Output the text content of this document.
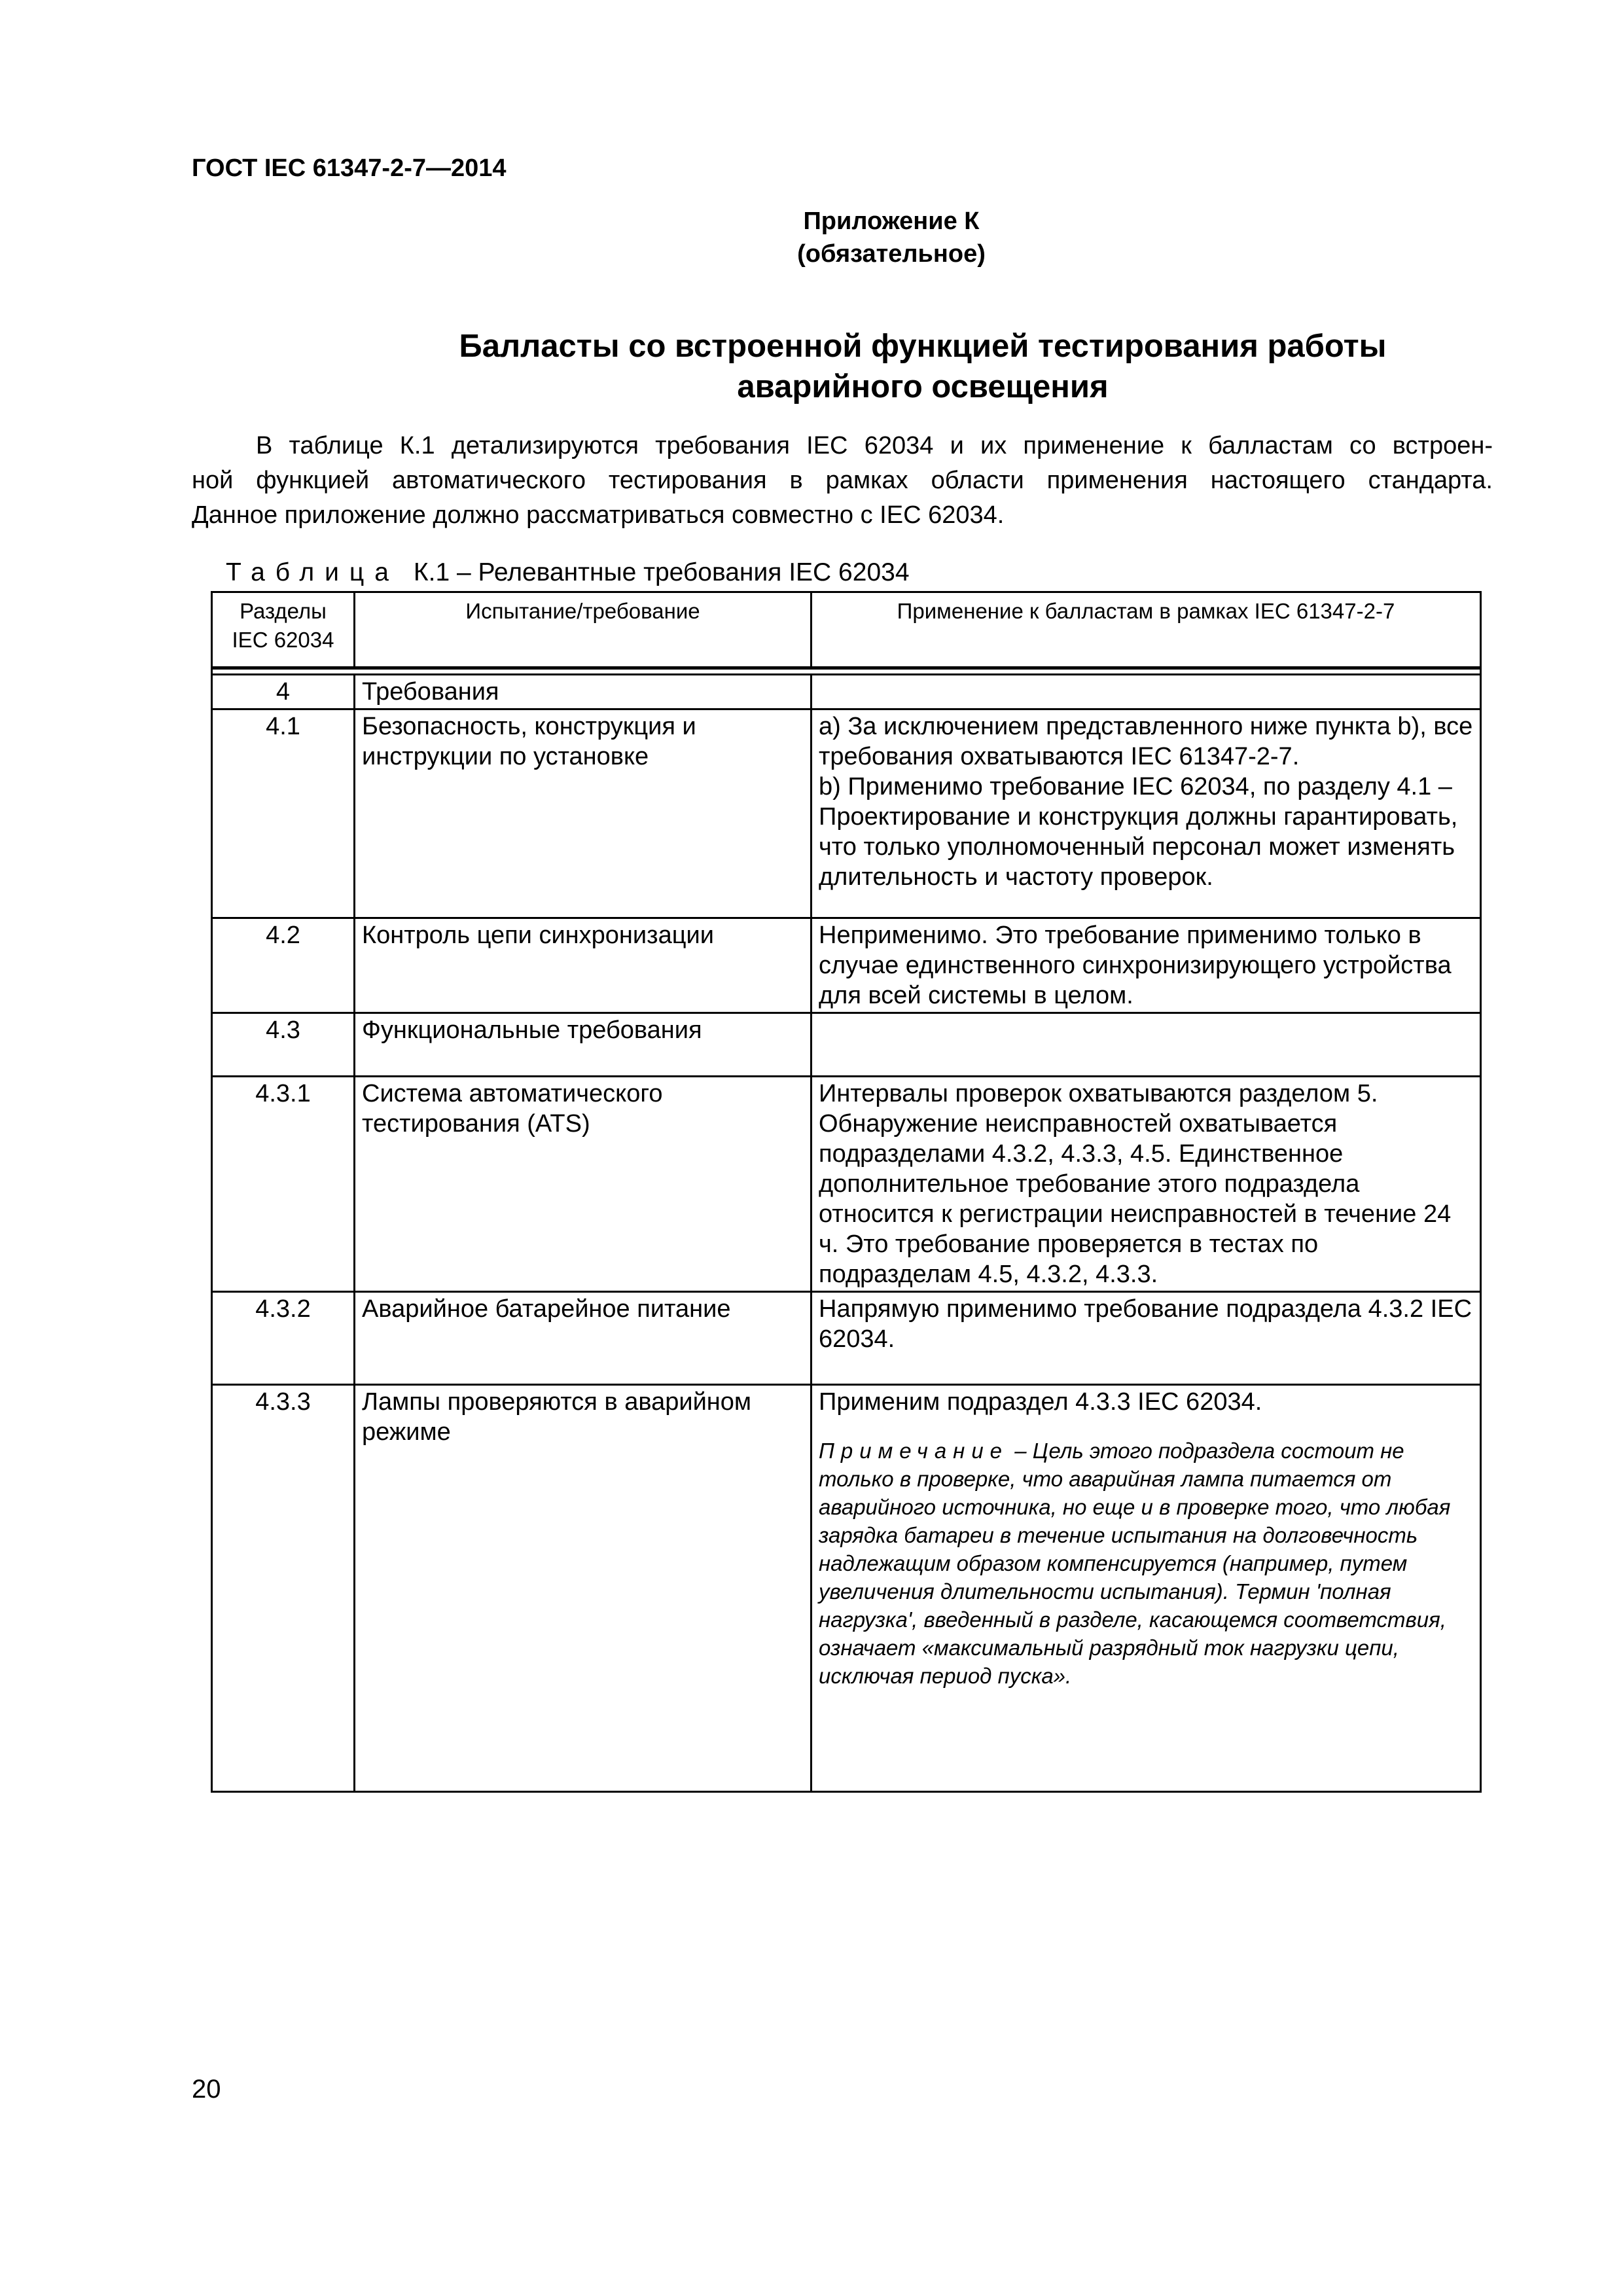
ГОСТ IEC 61347-2-7—2014
Приложение К
(обязательное)
Балласты со встроенной функцией тестирования работы
аварийного освещения
В таблице К.1 детализируются требования IEC 62034 и их применение к балластам со встроен-
ной функцией автоматического тестирования в рамках области применения настоящего стандарта.
Данное приложение должно рассматриваться совместно с IEC 62034.
Таблица К.1 – Релевантные требования IEC 62034
Разделы
IEC 62034	Испытание/требование	Применение к балластам в рамках IEC 61347-2-7

4	Требования	
4.1	Безопасность, конструкция и инструкции по установке	а) За исключением представленного ниже пункта b), все требования охватываются IEC 61347-2-7.
b) Применимо требование IEC 62034, по разделу 4.1 – Проектирование и конструкция должны гарантировать, что только уполномоченный персонал может изменять длительность и частоту проверок.

4.2	Контроль цепи синхронизации	Неприменимо. Это требование применимо только в случае единственного синхронизирующего устройства для всей системы в целом.
4.3	Функциональные требования	
4.3.1	Система автоматического тестирования (ATS)	Интервалы проверок охватываются разделом 5. Обнаружение неисправностей охватывается подразделами 4.3.2, 4.3.3, 4.5. Единственное дополнительное требование этого подраздела относится к регистрации неисправностей в течение 24 ч. Это требование проверяется в тестах по подразделам 4.5, 4.3.2, 4.3.3.
4.3.2	Аварийное батарейное питание	Напрямую применимо требование подраздела 4.3.2 IEC 62034.
4.3.3	Лампы проверяются в аварийном режиме	Применим подраздел 4.3.3 IEC 62034.
Примечание – Цель этого подраздела состоит не только в проверке, что аварийная лампа питается от аварийного источника, но еще и в проверке того, что любая зарядка батареи в течение испытания на долговечность надлежащим образом компенсируется (например, путем увеличения длительности испытания). Термин 'полная нагрузка', введенный в разделе, касающемся соответствия, означает «максимальный разрядный ток нагрузки цепи, исключая период пуска».
20
